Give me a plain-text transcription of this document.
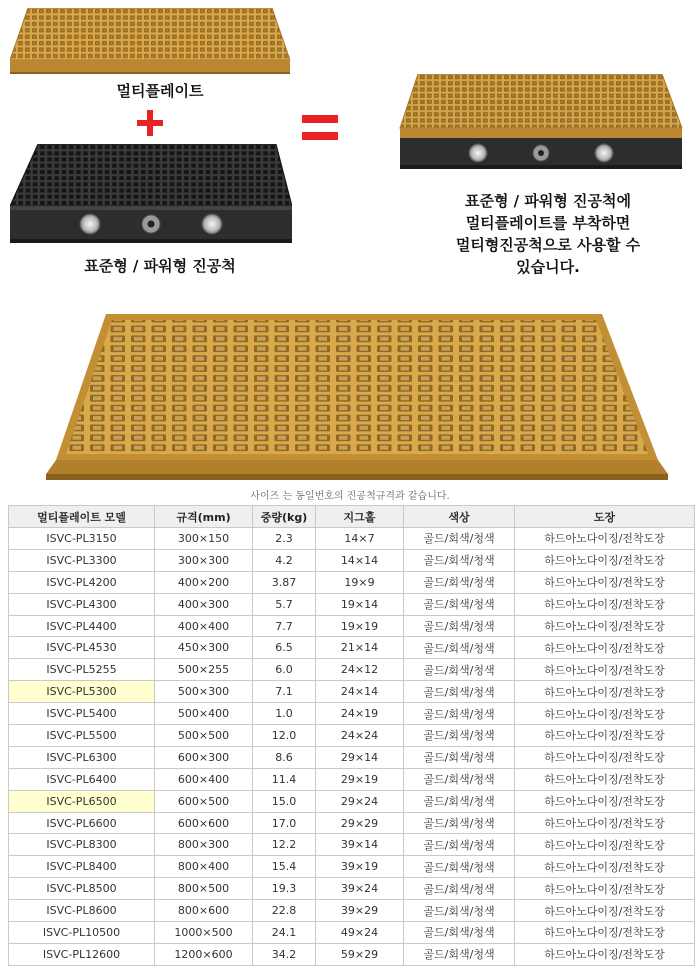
멀티플레이트
표준형 / 파워형 진공척
표준형 / 파워형 진공척에
멀티플레이트를 부착하면
멀티형진공척으로 사용할 수
있습니다.
사이즈 는 동일번호의 진공척규격과 같습니다.
멀티플레이트 모델	규격(mm)	중량(kg)	지그홀	색상	도장
ISVC-PL3150	300×150	2.3	14×7	골드/회색/청색	하드아노다이징/전착도장
ISVC-PL3300	300×300	4.2	14×14	골드/회색/청색	하드아노다이징/전착도장
ISVC-PL4200	400×200	3.87	19×9	골드/회색/청색	하드아노다이징/전착도장
ISVC-PL4300	400×300	5.7	19×14	골드/회색/청색	하드아노다이징/전착도장
ISVC-PL4400	400×400	7.7	19×19	골드/회색/청색	하드아노다이징/전착도장
ISVC-PL4530	450×300	6.5	21×14	골드/회색/청색	하드아노다이징/전착도장
ISVC-PL5255	500×255	6.0	24×12	골드/회색/청색	하드아노다이징/전착도장
ISVC-PL5300	500×300	7.1	24×14	골드/회색/청색	하드아노다이징/전착도장
ISVC-PL5400	500×400	1.0	24×19	골드/회색/청색	하드아노다이징/전착도장
ISVC-PL5500	500×500	12.0	24×24	골드/회색/청색	하드아노다이징/전착도장
ISVC-PL6300	600×300	8.6	29×14	골드/회색/청색	하드아노다이징/전착도장
ISVC-PL6400	600×400	11.4	29×19	골드/회색/청색	하드아노다이징/전착도장
ISVC-PL6500	600×500	15.0	29×24	골드/회색/청색	하드아노다이징/전착도장
ISVC-PL6600	600×600	17.0	29×29	골드/회색/청색	하드아노다이징/전착도장
ISVC-PL8300	800×300	12.2	39×14	골드/회색/청색	하드아노다이징/전착도장
ISVC-PL8400	800×400	15.4	39×19	골드/회색/청색	하드아노다이징/전착도장
ISVC-PL8500	800×500	19.3	39×24	골드/회색/청색	하드아노다이징/전착도장
ISVC-PL8600	800×600	22.8	39×29	골드/회색/청색	하드아노다이징/전착도장
ISVC-PL10500	1000×500	24.1	49×24	골드/회색/청색	하드아노다이징/전착도장
ISVC-PL12600	1200×600	34.2	59×29	골드/회색/청색	하드아노다이징/전착도장
